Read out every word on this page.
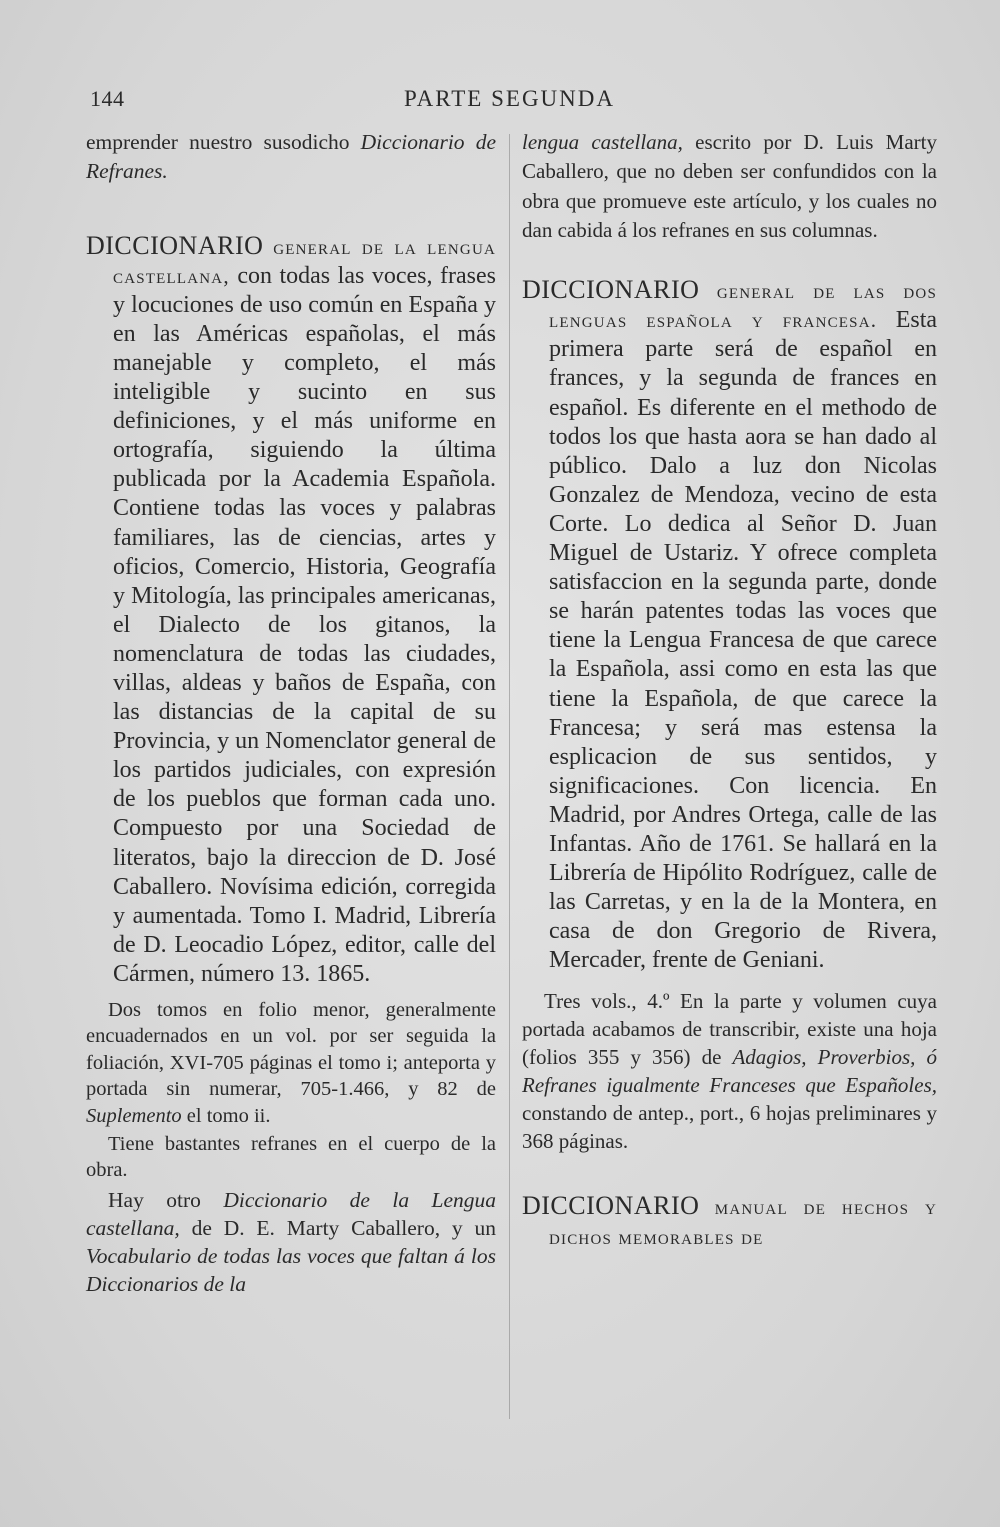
144	PARTE SEGUNDA

emprender nuestro susodicho Diccionario de Refranes.

DICCIONARIO general de la lengua castellana, con todas las voces, frases y locuciones de uso común en España y en las Américas españolas, el más manejable y completo, el más inteligible y sucinto en sus definiciones, y el más uniforme en ortografía, siguiendo la última publicada por la Academia Española. Contiene todas las voces y palabras familiares, las de ciencias, artes y oficios, Comercio, Historia, Geografía y Mitología, las principales americanas, el Dialecto de los gitanos, la nomenclatura de todas las ciudades, villas, aldeas y baños de España, con las distancias de la capital de su Provincia, y un Nomenclator general de los partidos judiciales, con expresión de los pueblos que forman cada uno. Compuesto por una Sociedad de literatos, bajo la direccion de D. José Caballero. Novísima edición, corregida y aumentada. Tomo I. Madrid, Librería de D. Leocadio López, editor, calle del Cármen, número 13. 1865.

Dos tomos en folio menor, generalmente encuadernados en un vol. por ser seguida la foliación, XVI-705 páginas el tomo i; anteporta y portada sin numerar, 705-1.466, y 82 de Suplemento el tomo ii.

Tiene bastantes refranes en el cuerpo de la obra.

Hay otro Diccionario de la Lengua castellana, de D. E. Marty Caballero, y un Vocabulario de todas las voces que faltan á los Diccionarios de la

lengua castellana, escrito por D. Luis Marty Caballero, que no deben ser confundidos con la obra que promueve este artículo, y los cuales no dan cabida á los refranes en sus columnas.

DICCIONARIO general de las dos lenguas española y francesa. Esta primera parte será de español en frances, y la segunda de frances en español. Es diferente en el methodo de todos los que hasta aora se han dado al público. Dalo a luz don Nicolas Gonzalez de Mendoza, vecino de esta Corte. Lo dedica al Señor D. Juan Miguel de Ustariz. Y ofrece completa satisfaccion en la segunda parte, donde se harán patentes todas las voces que tiene la Lengua Francesa de que carece la Española, assi como en esta las que tiene la Española, de que carece la Francesa; y será mas estensa la esplicacion de sus sentidos, y significaciones. Con licencia. En Madrid, por Andres Ortega, calle de las Infantas. Año de 1761. Se hallará en la Librería de Hipólito Rodríguez, calle de las Carretas, y en la de la Montera, en casa de don Gregorio de Rivera, Mercader, frente de Geniani.

Tres vols., 4.º En la parte y volumen cuya portada acabamos de transcribir, existe una hoja (folios 355 y 356) de Adagios, Proverbios, ó Refranes igualmente Franceses que Españoles, constando de antep., port., 6 hojas preliminares y 368 páginas.

DICCIONARIO manual de hechos y dichos memorables de
